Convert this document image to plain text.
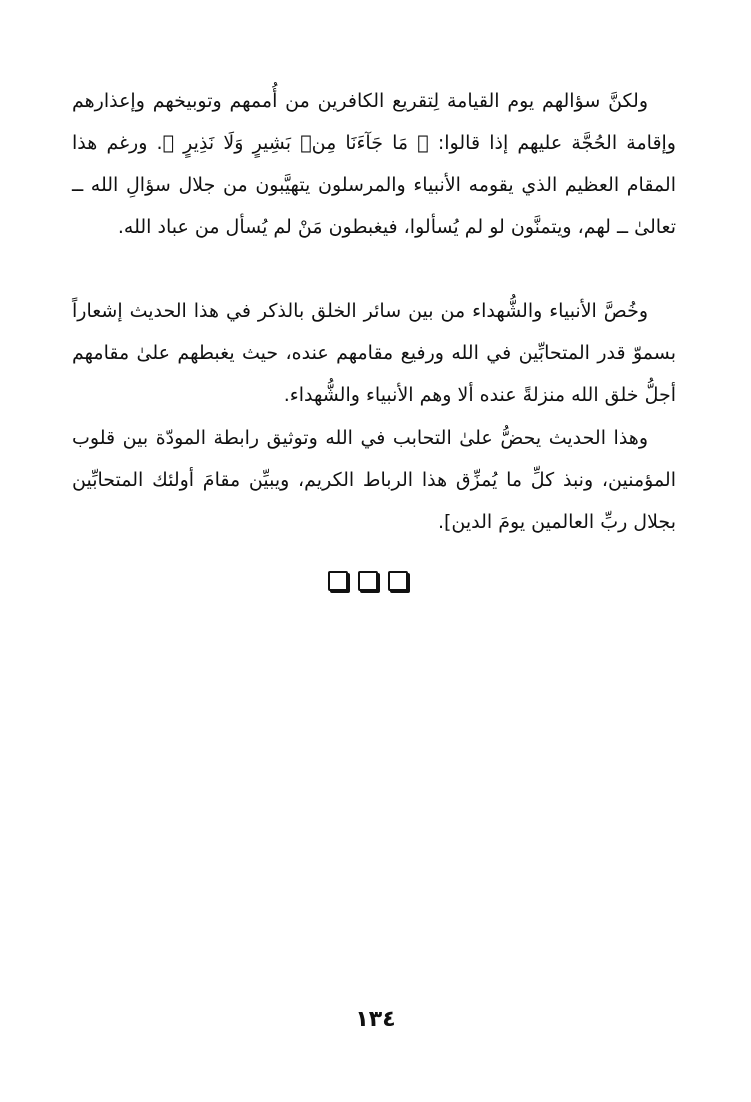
ولكنَّ سؤالهم يوم القيامة لِتقريع الكافرين من أُممهم وتوبيخهم وإعذارهم وإقامة الحُجَّة عليهم إذا قالوا: ﴿ مَا جَآءَنَا مِنۢ بَشِيرٍ وَلَا نَذِيرٍ ﴾. ورغم هذا المقام العظيم الذي يقومه الأنبياء والمرسلون يتهيَّبون من جلال سؤالِ الله ــ تعالىٰ ــ لهم، ويتمنَّون لو لم يُسألوا، فيغبطون مَنْ لم يُسأل من عباد الله.

وخُصَّ الأنبياء والشُّهداء من بين سائر الخلق بالذكر في هذا الحديث إشعاراً بسموّ قدر المتحابِّين في الله ورفيع مقامهم عنده، حيث يغبطهم علىٰ مقامهم أجلُّ خلق الله منزلةً عنده ألا وهم الأنبياء والشُّهداء.

وهذا الحديث يحضُّ علىٰ التحابب في الله وتوثيق رابطة المودّة بين قلوب المؤمنين، ونبذ كلِّ ما يُمزِّق هذا الرباط الكريم، ويبيِّن مقامَ أولئك المتحابِّين بجلال ربِّ العالمين يومَ الدين].

١٣٤
